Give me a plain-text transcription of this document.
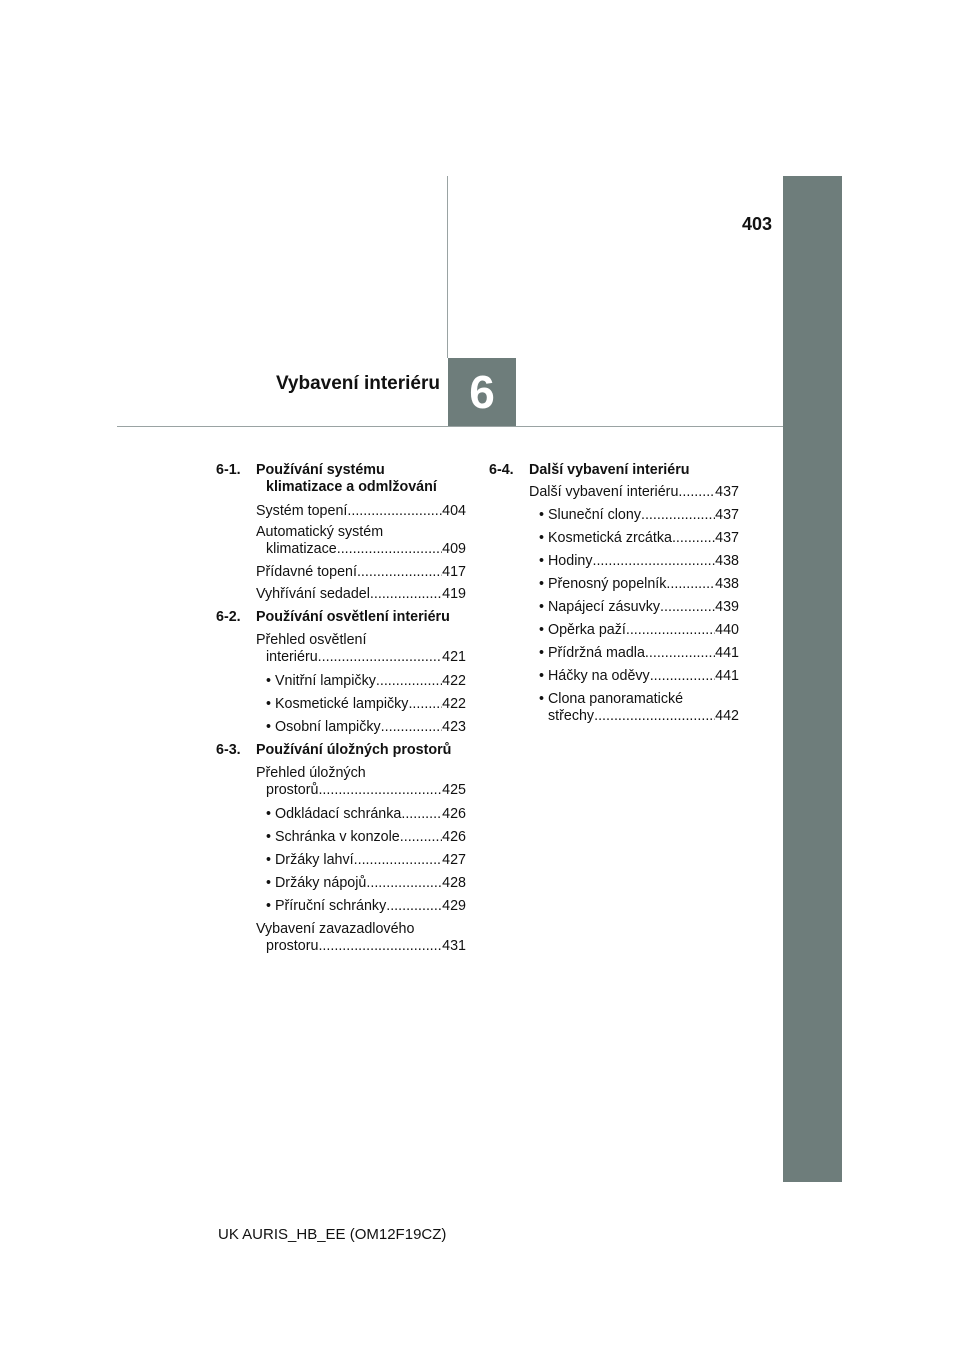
403
6
Vybavení interiéru
6-1.	Používání systému
klimatizace a odmlžování
Systém topení .....	404
Automatický systém
klimatizace .....	409
Přídavné topení .....	417
Vyhřívání sedadel .....	419
6-2.	Používání osvětlení interiéru
Přehled osvětlení
interiéru .....	421
• Vnitřní lampičky .....	422
• Kosmetické lampičky ..... 422
• Osobní lampičky .....	423
6-3.	Používání úložných prostorů
Přehled úložných
prostorů .....	425
• Odkládací schránka .....	426
• Schránka v konzole .....	426
• Držáky lahví .....	427
• Držáky nápojů .....	428
• Příruční schránky .....	429
Vybavení zavazadlového
prostoru .....	431
6-4.	Další vybavení interiéru
Další vybavení interiéru .....	437
• Sluneční clony .....	437
• Kosmetická zrcátka .....	437
• Hodiny .....	438
• Přenosný popelník .....	438
• Napájecí zásuvky .....	439
• Opěrka paží .....	440
• Přídržná madla .....	441
• Háčky na oděvy .....	441
• Clona panoramatické
střechy .....	442
UK AURIS_HB_EE (OM12F19CZ)
